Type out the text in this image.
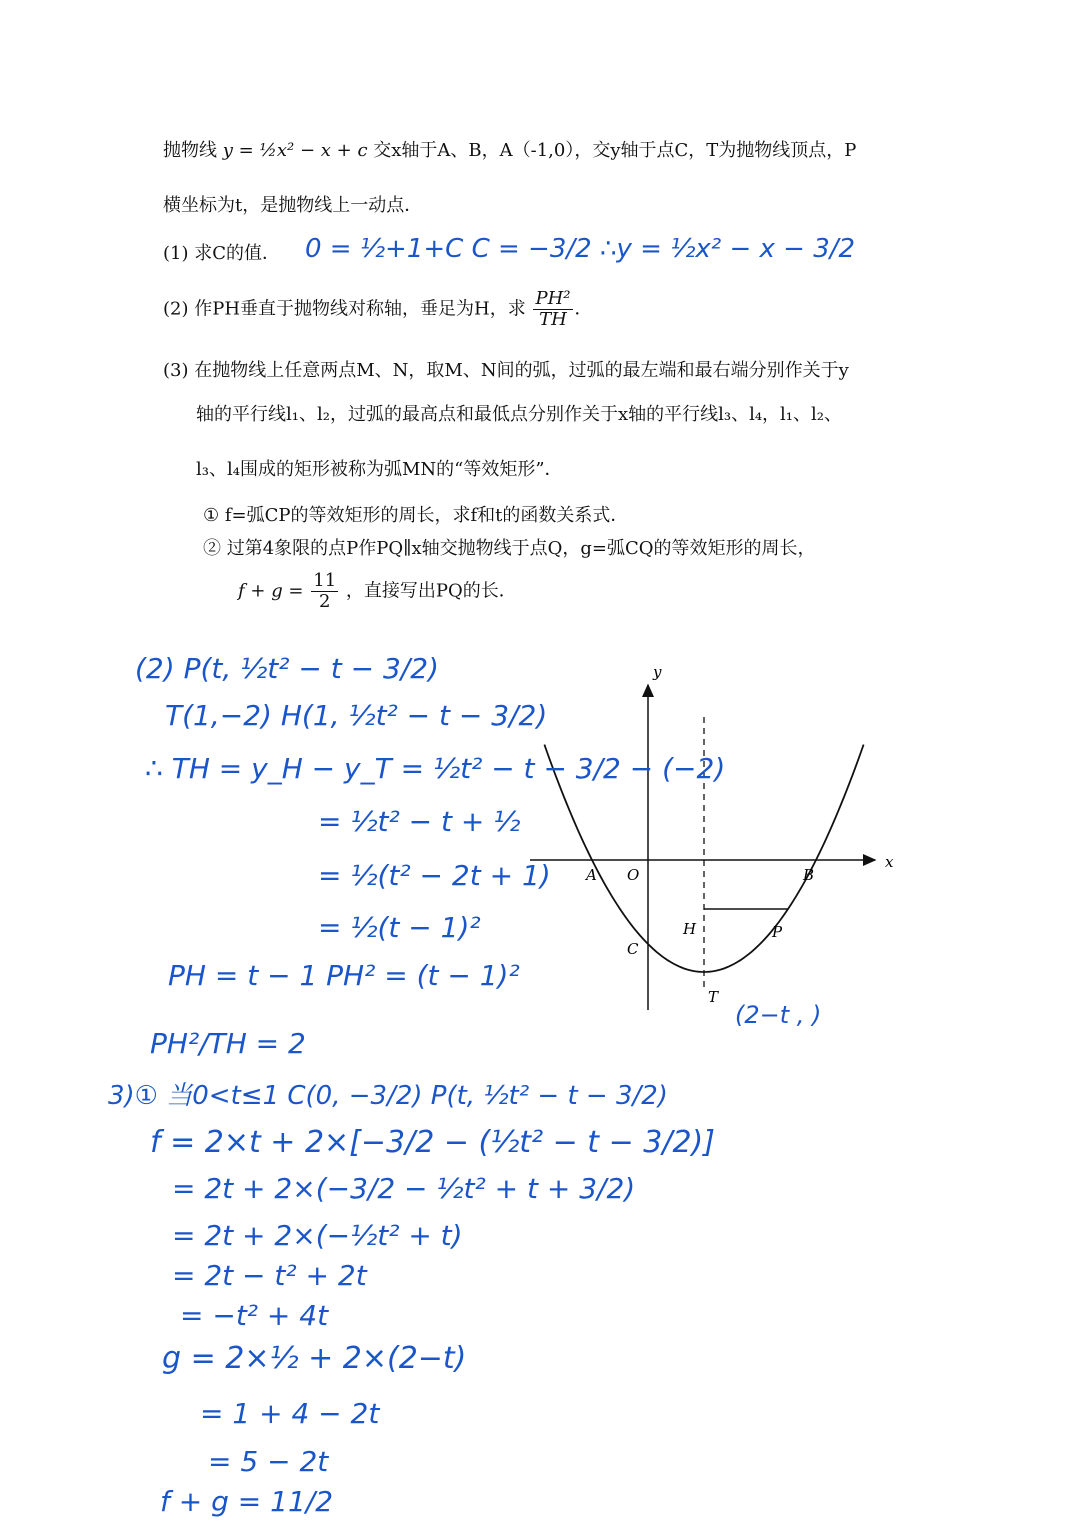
抛物线 y = ½x² − x + c 交x轴于A、B，A（-1,0），交y轴于点C，T为抛物线顶点，P
横坐标为t，是抛物线上一动点．
(1) 求C的值．
(2) 作PH垂直于抛物线对称轴，垂足为H，求 $\frac{\text{PH²}}{TH}$ ．
(3) 在抛物线上任意两点M、N，取M、N间的弧，过弧的最左端和最右端分别作关于y
轴的平行线l₁、l₂，过弧的最高点和最低点分别作关于x轴的平行线l₃、l₄，l₁、l₂、
l₃、l₄围成的矩形被称为弧MN的“等效矩形”．
① f=弧CP的等效矩形的周长，求f和t的函数关系式．
② 过第4象限的点P作PQ∥x轴交抛物线于点Q，g=弧CQ的等效矩形的周长，
$f + g = \frac{11}{2}$ ，直接写出PQ的长．
0 = ½+1+C C = −3/2 ∴y = ½x² − x − 3/2
y
x
A O	B
C
H	P
T
(2−t , )
(2) P(t, ½t² − t − 3/2)
T(1,−2) H(1, ½t² − t − 3/2)
∴ TH = y_H − y_T = ½t² − t − 3/2 − (−2)
= ½t² − t + ½
= ½(t² − 2t + 1)
= ½(t − 1)²
PH = t − 1 PH² = (t − 1)²
PH²/TH = 2
3)① 当0<t≤1 C(0, −3/2) P(t, ½t² − t − 3/2)
f = 2×t + 2×[−3/2 − (½t² − t − 3/2)]
= 2t + 2×(−3/2 − ½t² + t + 3/2)
= 2t + 2×(−½t² + t)
= 2t − t² + 2t
= −t² + 4t
g = 2×½ + 2×(2−t)
= 1 + 4 − 2t
= 5 − 2t
f + g = 11/2
